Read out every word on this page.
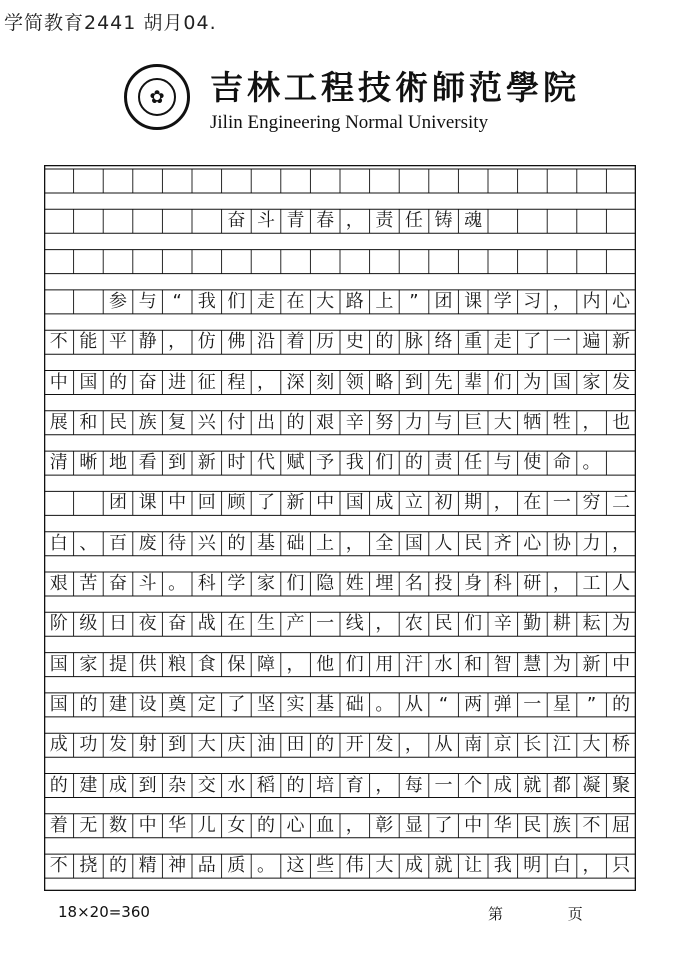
学简教育2441 胡月04.
✿	吉林工程技術師范學院
Jilin Engineering Normal University
奋 斗 青 春 ， 责 任 铸 魂
参 与 “ 我 们 走 在 大 路 上 ” 团 课 学 习 ， 内 心
不 能 平 静 ， 仿 佛 沿 着 历 史 的 脉 络 重 走 了 一 遍 新
中 国 的 奋 进 征 程 ， 深 刻 领 略 到 先 辈 们 为 国 家 发
展 和 民 族 复 兴 付 出 的 艰 辛 努 力 与 巨 大 牺 牲 ， 也
清 晰 地 看 到 新 时 代 赋 予 我 们 的 责 任 与 使 命 。
团 课 中 回 顾 了 新 中 国 成 立 初 期 ， 在 一 穷 二
白 、 百 废 待 兴 的 基 础 上 ， 全 国 人 民 齐 心 协 力 ，
艰 苦 奋 斗 。 科 学 家 们 隐 姓 埋 名 投 身 科 研 ， 工 人
阶 级 日 夜 奋 战 在 生 产 一 线 ， 农 民 们 辛 勤 耕 耘 为
国 家 提 供 粮 食 保 障 ， 他 们 用 汗 水 和 智 慧 为 新 中
国 的 建 设 奠 定 了 坚 实 基 础 。 从 “ 两 弹 一 星 ” 的
成 功 发 射 到 大 庆 油 田 的 开 发 ， 从 南 京 长 江 大 桥
的 建 成 到 杂 交 水 稻 的 培 育 ， 每 一 个 成 就 都 凝 聚
着 无 数 中 华 儿 女 的 心 血 ， 彰 显 了 中 华 民 族 不 屈
不 挠 的 精 神 品 质 。 这 些 伟 大 成 就 让 我 明 白 ， 只
18×20=360	第 页
